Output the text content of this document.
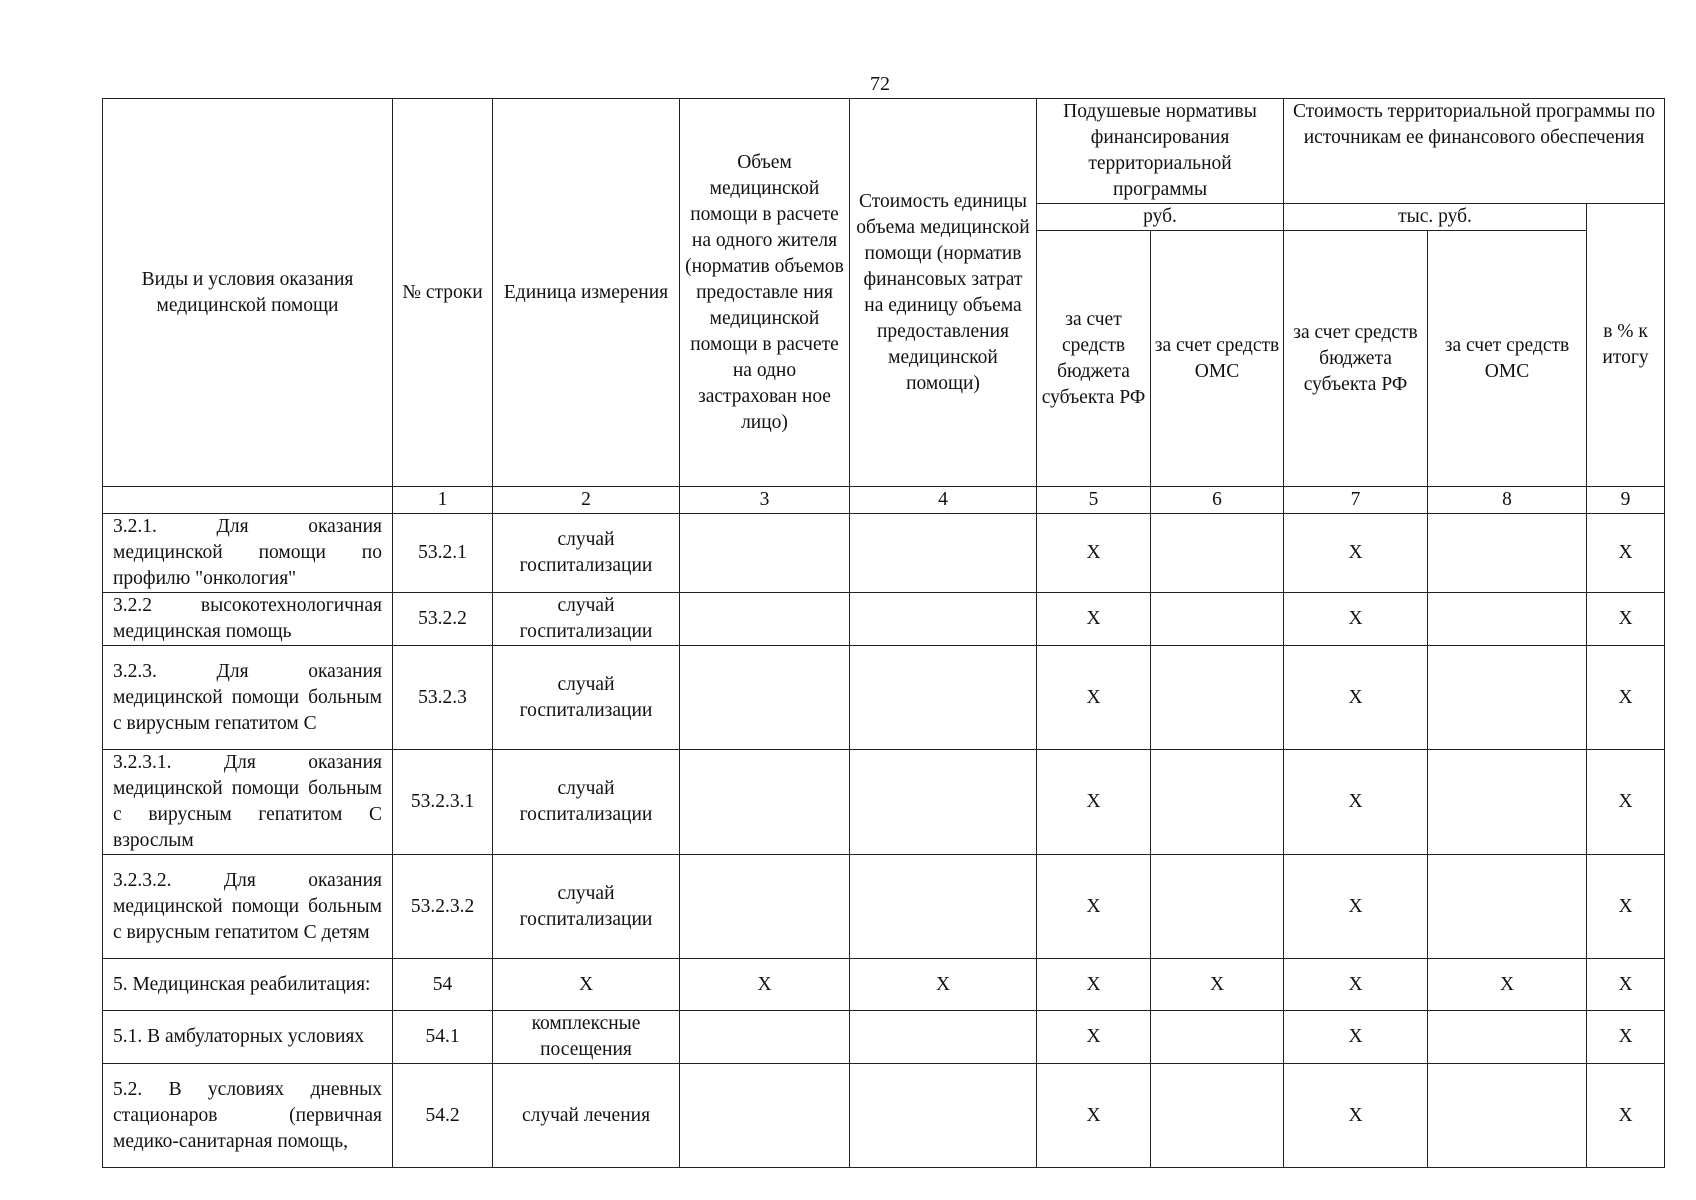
72
Виды и условия оказания медицинской помощи	№ строки	Единица измерения	Объем медицинской помощи в расчете на одного жителя (норматив объемов предоставле ния медицинской помощи в расчете на одно застрахован ное лицо)	Стоимость единицы объема медицинской помощи (норматив финансовых затрат на единицу объема предоставления медицинской помощи)	Подушевые нормативы финансирования территориальной программы		Стоимость территориальной программы по источникам ее финансового обеспечения		
					руб.		тыс. руб.		в % к итогу
					за счет средств бюджета субъекта РФ	за счет средств ОМС	за счет средств бюджета субъекта РФ	за счет средств ОМС	
	1	2	3	4	5	6	7	8	9
3.2.1. Для оказания медицинской помощи по профилю "онкология"	53.2.1	случай госпитализации			X		X		X
3.2.2 высокотехнологичная медицинская помощь	53.2.2	случай госпитализации			X		X		X
3.2.3. Для оказания медицинской помощи больным с вирусным гепатитом C	53.2.3	случай госпитализации			X		X		X
3.2.3.1. Для оказания медицинской помощи больным с вирусным гепатитом C взрослым	53.2.3.1	случай госпитализации			X		X		X
3.2.3.2. Для оказания медицинской помощи больным с вирусным гепатитом C детям	53.2.3.2	случай госпитализации			X		X		X
5. Медицинская реабилитация:	54	X	X	X	X	X	X	X	X
5.1. В амбулаторных условиях	54.1	комплексные посещения			X		X		X
5.2. В условиях дневных стационаров (первичная медико-санитарная помощь,	54.2	случай лечения			X		X		X
